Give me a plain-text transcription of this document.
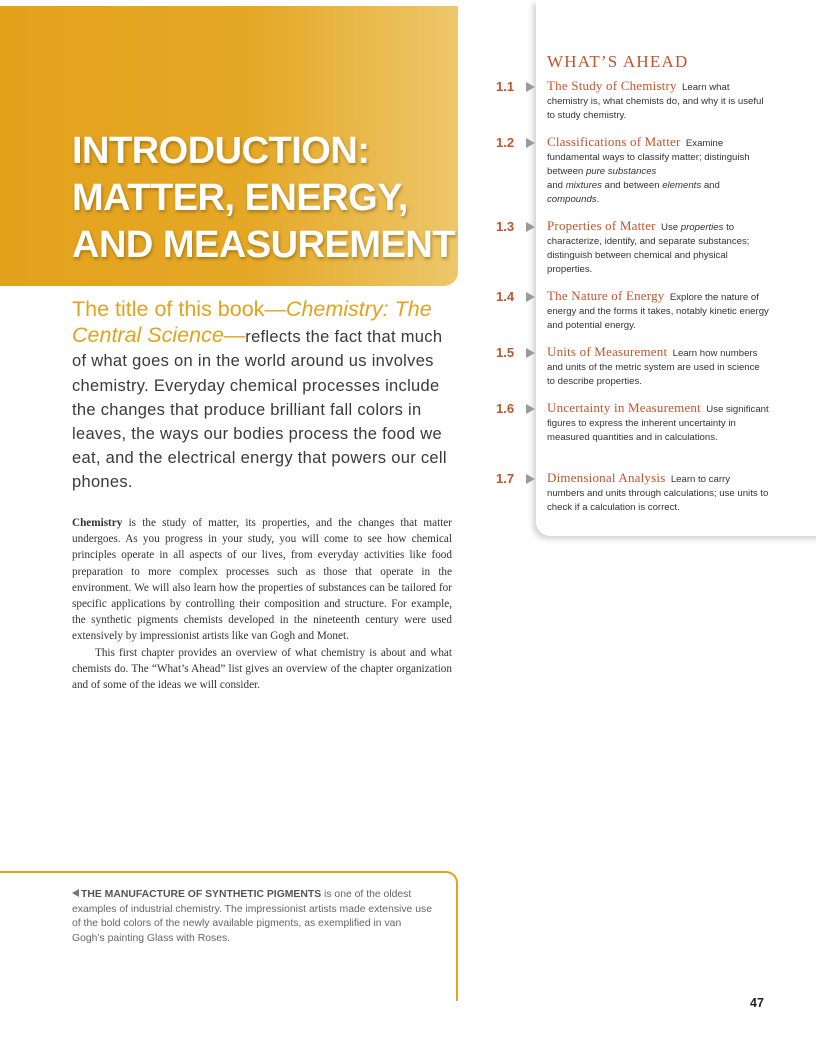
INTRODUCTION:
MATTER, ENERGY,
AND MEASUREMENT
The title of this book—Chemistry: The Central Science—reflects the fact that much of what goes on in the world around us involves chemistry. Everyday chemical processes include the changes that produce brilliant fall colors in leaves, the ways our bodies process the food we eat, and the electrical energy that powers our cell phones.

Chemistry is the study of matter, its properties, and the changes that matter undergoes. As you progress in your study, you will come to see how chemical principles operate in all aspects of our lives, from everyday activities like food preparation to more complex processes such as those that operate in the environment. We will also learn how the properties of substances can be tailored for specific applications by controlling their composition and structure. For example, the synthetic pigments chemists developed in the nineteenth century were used extensively by impressionist artists like van Gogh and Monet.

This first chapter provides an overview of what chemistry is about and what chemists do. The “What’s Ahead” list gives an overview of the chapter organization and of some of the ideas we will consider.

WHAT’S AHEAD
1.1	The Study of Chemistry Learn what chemistry is, what chemists do, and why it is useful to study chemistry.
1.2	Classifications of Matter Examine fundamental ways to classify matter; distinguish between pure substances
and mixtures and between elements and
compounds.
1.3	Properties of Matter Use properties to characterize, identify, and separate substances; distinguish between chemical and physical properties.
1.4	The Nature of Energy Explore the nature of energy and the forms it takes, notably kinetic energy and potential energy.
1.5	Units of Measurement Learn how numbers and units of the metric system are used in science to describe properties.
1.6	Uncertainty in Measurement Use significant figures to express the inherent uncertainty in measured quantities and in calculations.
1.7	Dimensional Analysis Learn to carry numbers and units through calculations; use units to check if a calculation is correct.
THE MANUFACTURE OF SYNTHETIC PIGMENTS is one of the oldest examples of industrial chemistry. The impressionist artists made extensive use of the bold colors of the newly available pigments, as exemplified in van Gogh’s painting Glass with Roses.
47
